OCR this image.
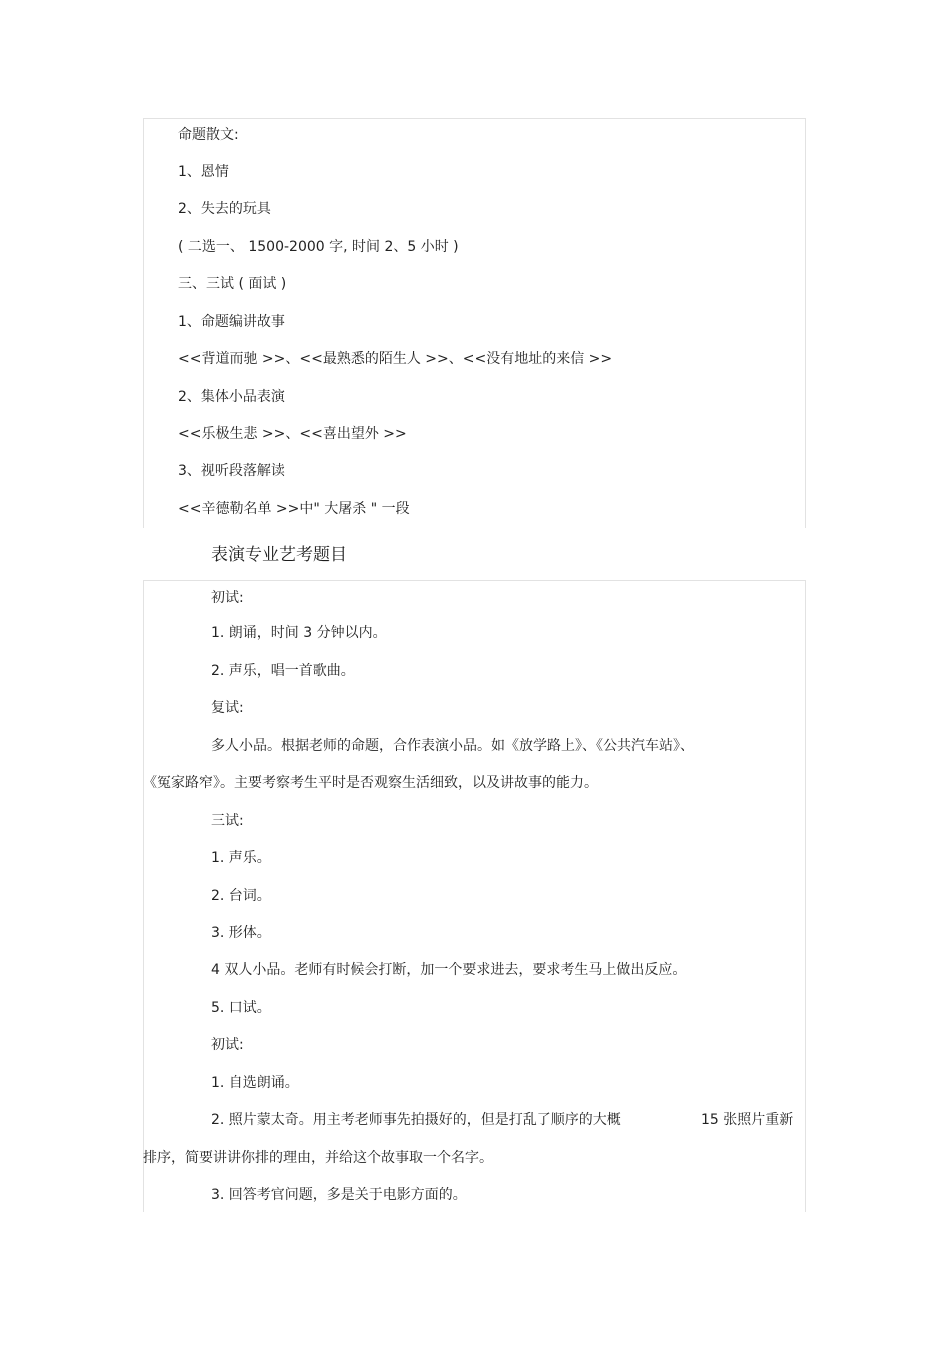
命题散文:
1、恩情
2、失去的玩具
( 二选一、 1500-2000 字, 时间 2、5 小时 )
三、三试 ( 面试 )
1、命题编讲故事
<<背道而驰 >>、<<最熟悉的陌生人 >>、<<没有地址的来信 >>
2、集体小品表演
<<乐极生悲 >>、<<喜出望外 >>
3、视听段落解读
<<辛德勒名单 >>中" 大屠杀 " 一段
表演专业艺考题目
初试:
1. 朗诵，时间 3 分钟以内。
2. 声乐，唱一首歌曲。
复试:
多人小品。根据老师的命题，合作表演小品。如《放学路上》、《公共汽车站》、
《冤家路窄》。主要考察考生平时是否观察生活细致，以及讲故事的能力。
三试:
1. 声乐。
2. 台词。
3. 形体。
4 双人小品。老师有时候会打断，加一个要求进去，要求考生马上做出反应。
5. 口试。
初试:
1. 自选朗诵。
2. 照片蒙太奇。用主考老师事先拍摄好的，但是打乱了顺序的大概	15 张照片重新
排序，简要讲讲你排的理由，并给这个故事取一个名字。
3. 回答考官问题，多是关于电影方面的。
